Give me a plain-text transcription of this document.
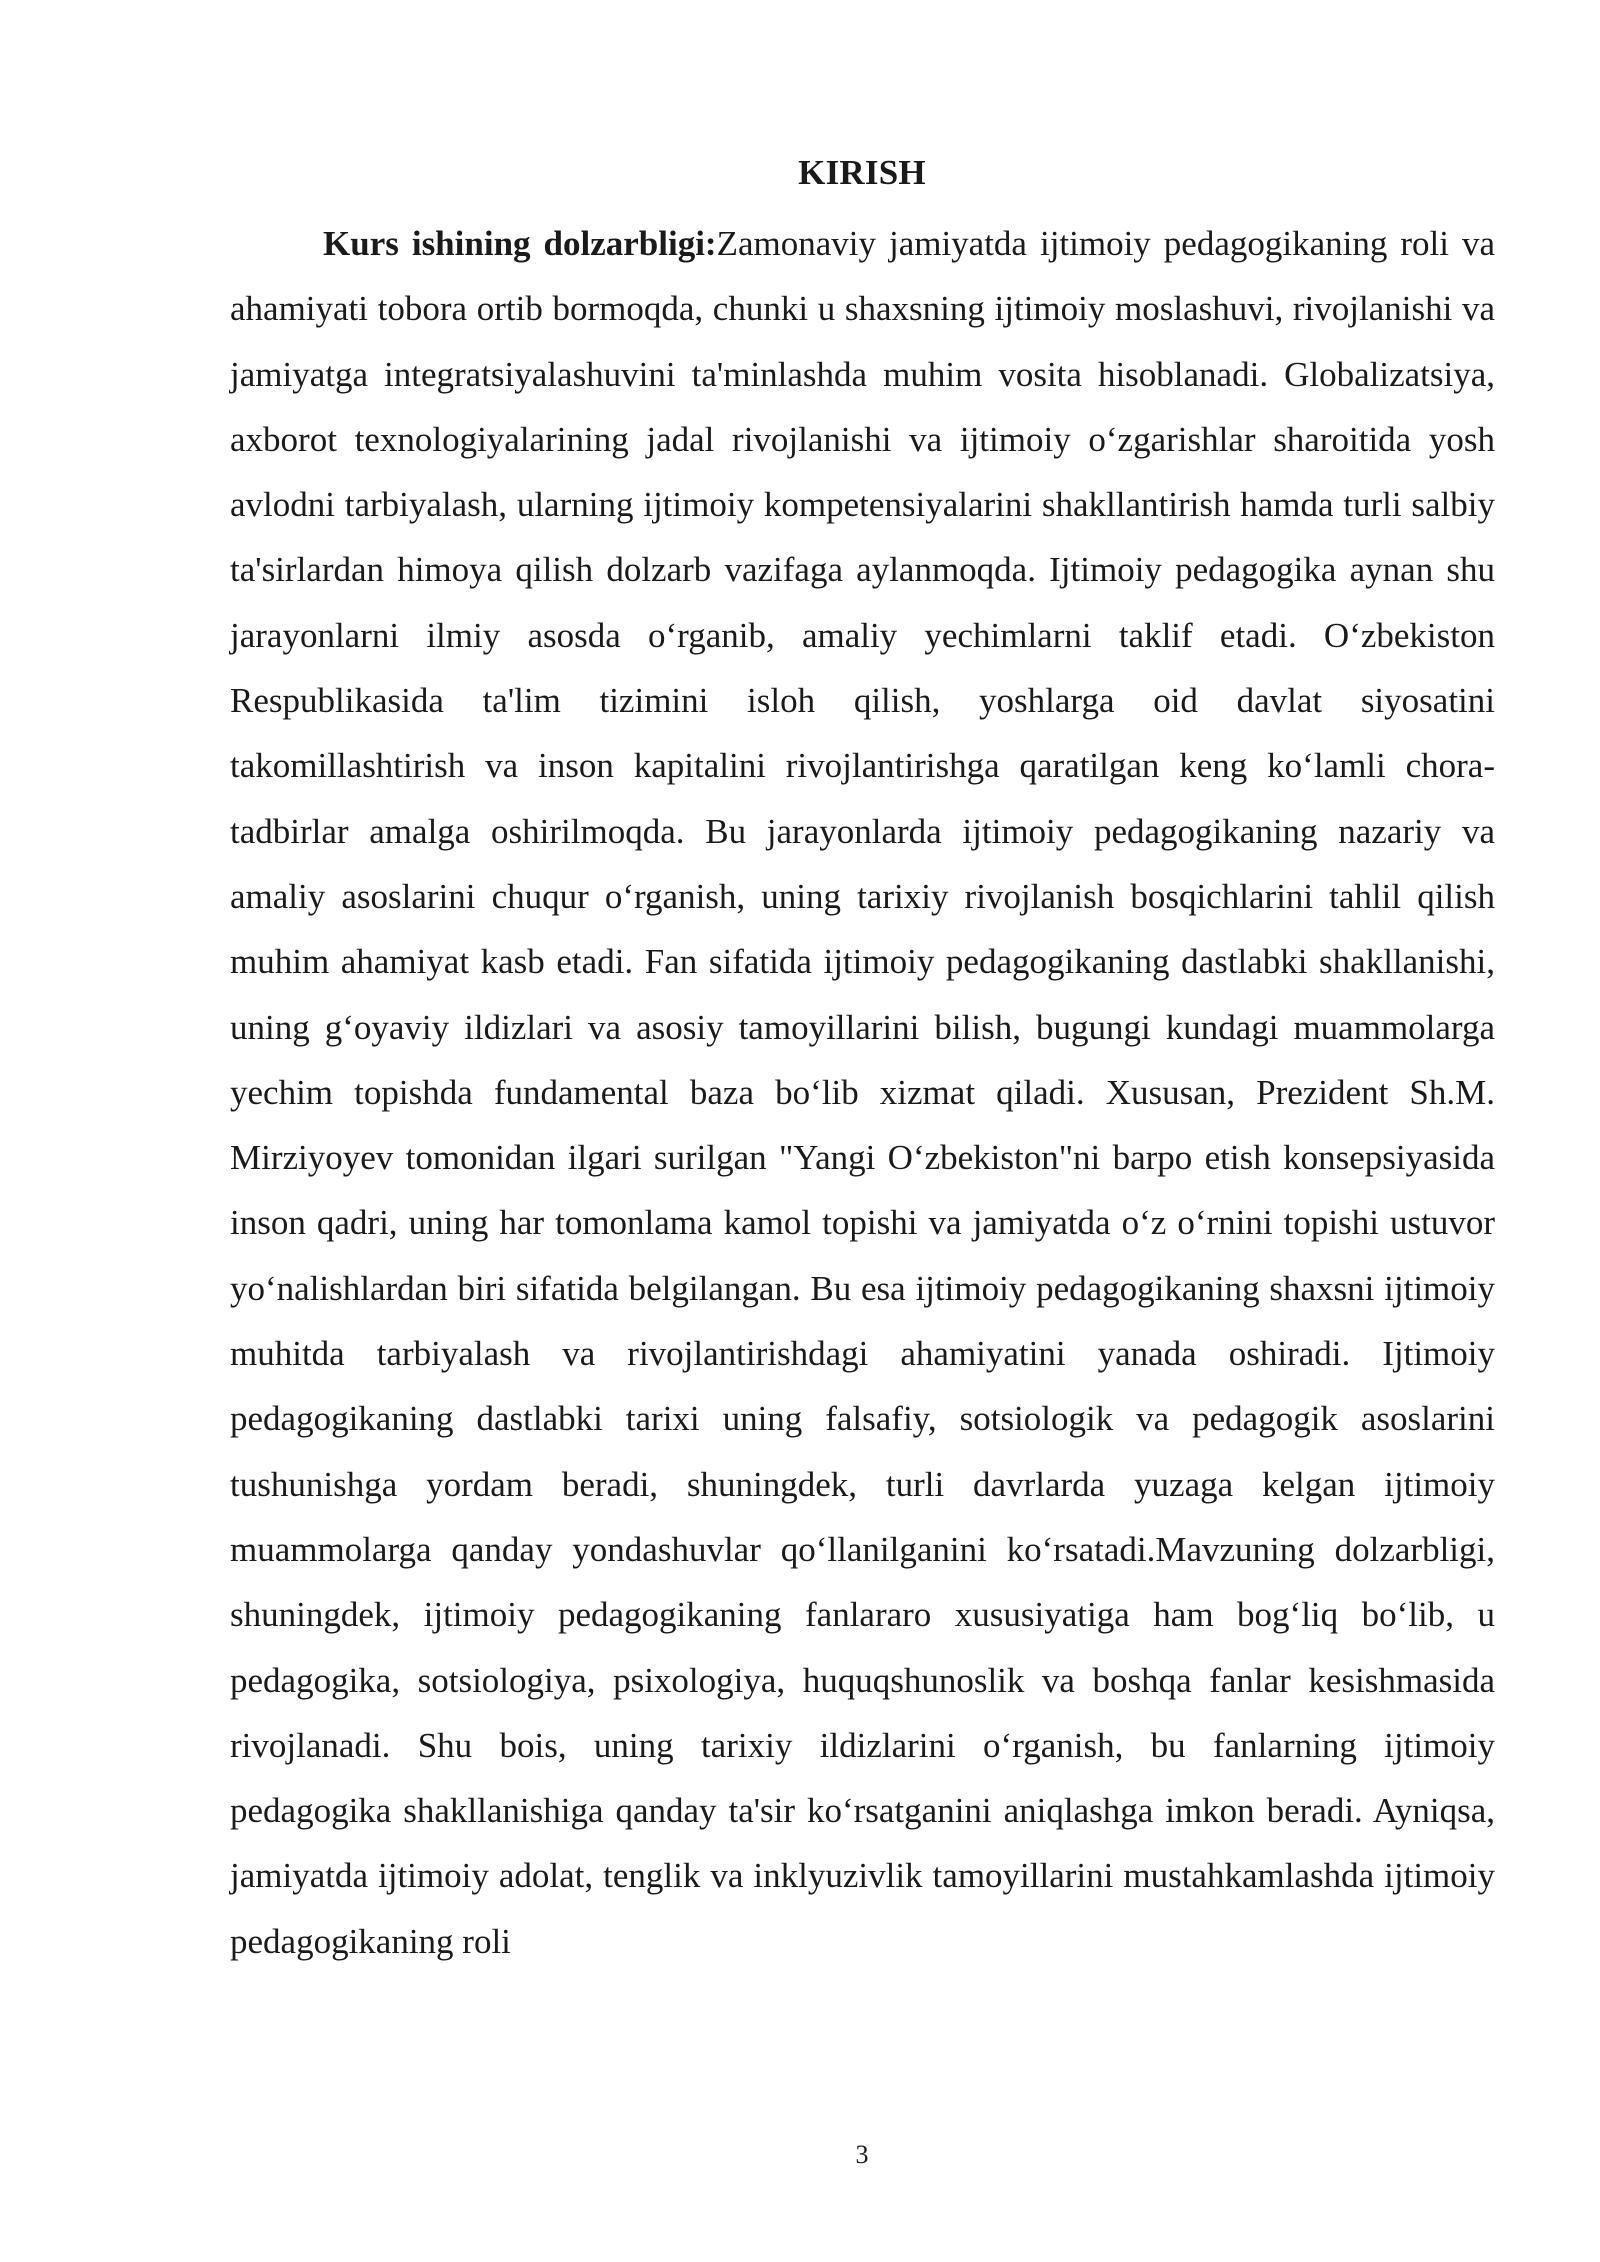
KIRISH

Kurs ishining dolzarbligi:Zamonaviy jamiyatda ijtimoiy pedagogikaning roli va ahamiyati tobora ortib bormoqda, chunki u shaxsning ijtimoiy moslashuvi, rivojlanishi va jamiyatga integratsiyalashuvini ta'minlashda muhim vosita hisoblanadi. Globalizatsiya, axborot texnologiyalarining jadal rivojlanishi va ijtimoiy oʻzgarishlar sharoitida yosh avlodni tarbiyalash, ularning ijtimoiy kompetensiyalarini shakllantirish hamda turli salbiy ta'sirlardan himoya qilish dolzarb vazifaga aylanmoqda. Ijtimoiy pedagogika aynan shu jarayonlarni ilmiy asosda oʻrganib, amaliy yechimlarni taklif etadi. Oʻzbekiston Respublikasida ta'lim tizimini isloh qilish, yoshlarga oid davlat siyosatini takomillashtirish va inson kapitalini rivojlantirishga qaratilgan keng koʻlamli chora-tadbirlar amalga oshirilmoqda. Bu jarayonlarda ijtimoiy pedagogikaning nazariy va amaliy asoslarini chuqur oʻrganish, uning tarixiy rivojlanish bosqichlarini tahlil qilish muhim ahamiyat kasb etadi. Fan sifatida ijtimoiy pedagogikaning dastlabki shakllanishi, uning gʻoyaviy ildizlari va asosiy tamoyillarini bilish, bugungi kundagi muammolarga yechim topishda fundamental baza boʻlib xizmat qiladi. Xususan, Prezident Sh.M. Mirziyoyev tomonidan ilgari surilgan "Yangi Oʻzbekiston"ni barpo etish konsepsiyasida inson qadri, uning har tomonlama kamol topishi va jamiyatda oʻz oʻrnini topishi ustuvor yoʻnalishlardan biri sifatida belgilangan. Bu esa ijtimoiy pedagogikaning shaxsni ijtimoiy muhitda tarbiyalash va rivojlantirishdagi ahamiyatini yanada oshiradi. Ijtimoiy pedagogikaning dastlabki tarixi uning falsafiy, sotsiologik va pedagogik asoslarini tushunishga yordam beradi, shuningdek, turli davrlarda yuzaga kelgan ijtimoiy muammolarga qanday yondashuvlar qoʻllanilganini koʻrsatadi.Mavzuning dolzarbligi, shuningdek, ijtimoiy pedagogikaning fanlararo xususiyatiga ham bogʻliq boʻlib, u pedagogika, sotsiologiya, psixologiya, huquqshunoslik va boshqa fanlar kesishmasida rivojlanadi. Shu bois, uning tarixiy ildizlarini oʻrganish, bu fanlarning ijtimoiy pedagogika shakllanishiga qanday ta'sir koʻrsatganini aniqlashga imkon beradi. Ayniqsa, jamiyatda ijtimoiy adolat, tenglik va inklyuzivlik tamoyillarini mustahkamlashda ijtimoiy pedagogikaning roli

3
